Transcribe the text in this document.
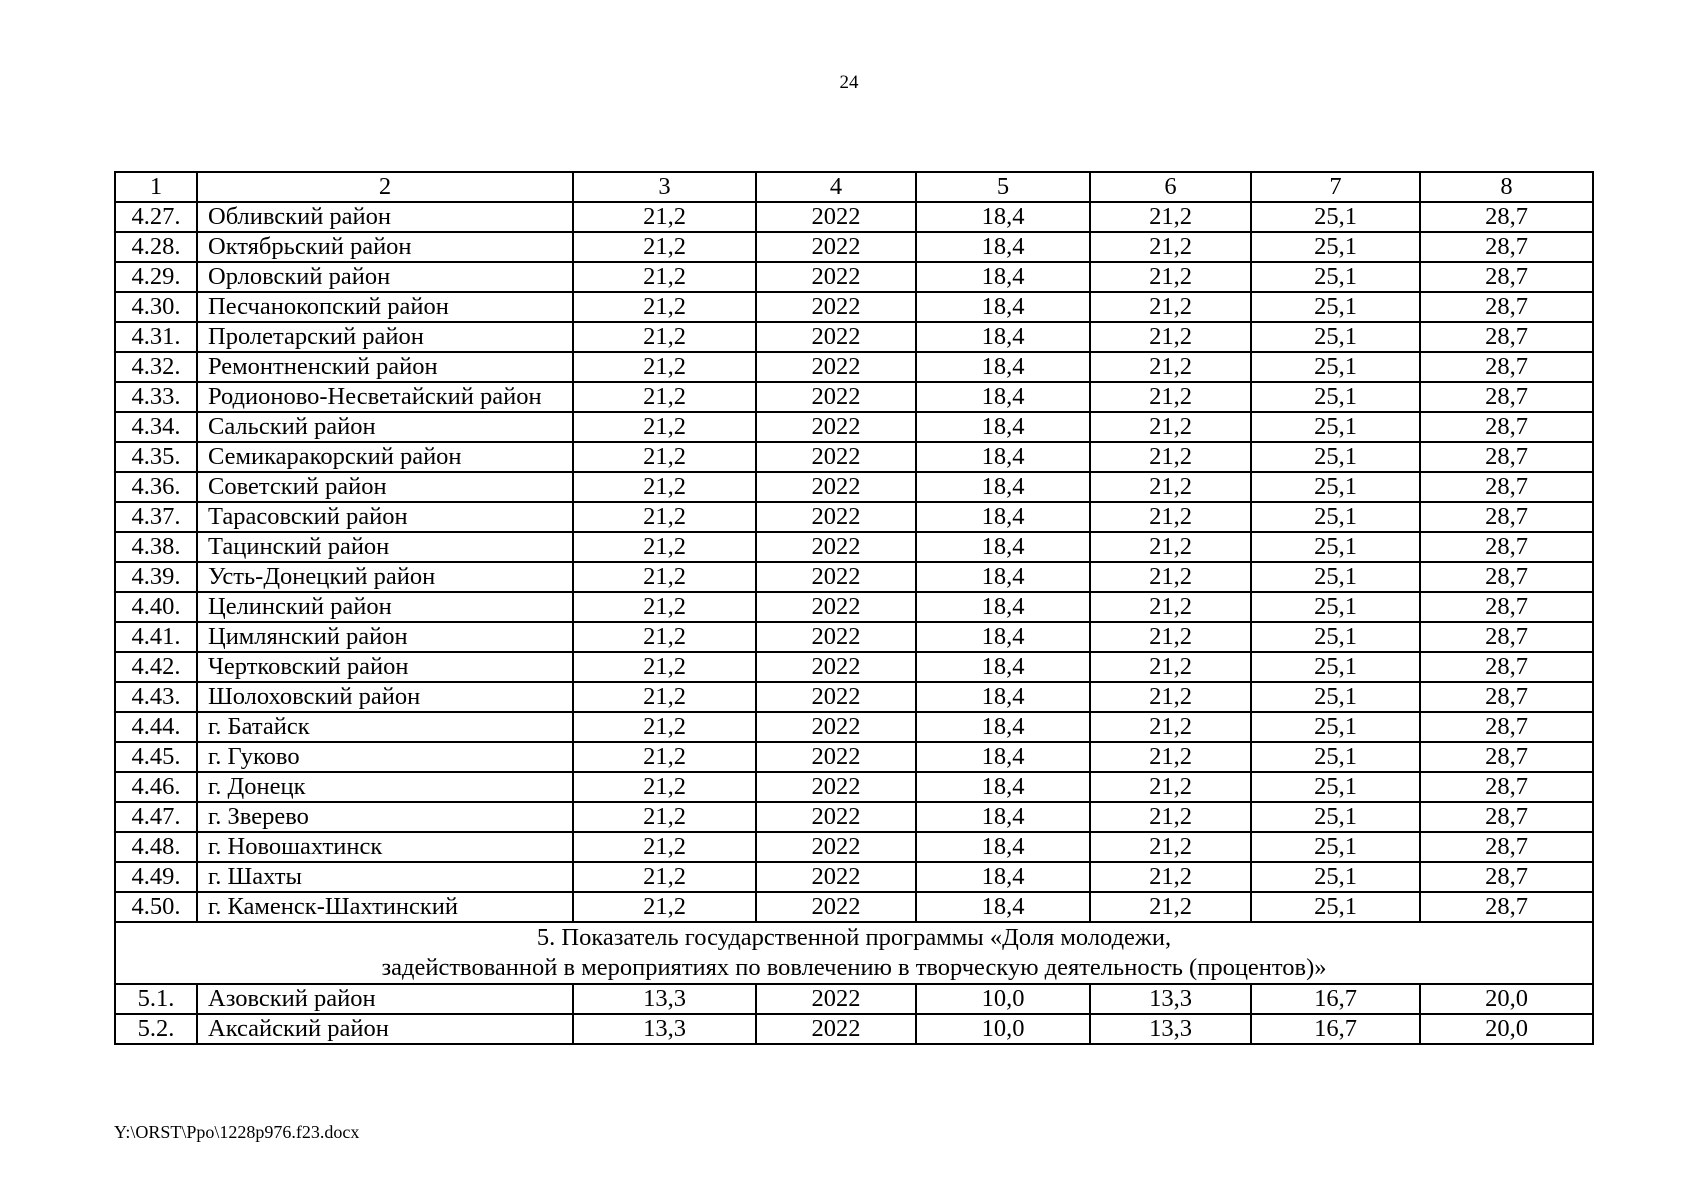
24
1	2	3	4	5	6	7	8
4.27.	Обливский район	21,2	2022	18,4	21,2	25,1	28,7
4.28.	Октябрьский район	21,2	2022	18,4	21,2	25,1	28,7
4.29.	Орловский район	21,2	2022	18,4	21,2	25,1	28,7
4.30.	Песчанокопский район	21,2	2022	18,4	21,2	25,1	28,7
4.31.	Пролетарский район	21,2	2022	18,4	21,2	25,1	28,7
4.32.	Ремонтненский район	21,2	2022	18,4	21,2	25,1	28,7
4.33.	Родионово-Несветайский район	21,2	2022	18,4	21,2	25,1	28,7
4.34.	Сальский район	21,2	2022	18,4	21,2	25,1	28,7
4.35.	Семикаракорский район	21,2	2022	18,4	21,2	25,1	28,7
4.36.	Советский район	21,2	2022	18,4	21,2	25,1	28,7
4.37.	Тарасовский район	21,2	2022	18,4	21,2	25,1	28,7
4.38.	Тацинский район	21,2	2022	18,4	21,2	25,1	28,7
4.39.	Усть-Донецкий район	21,2	2022	18,4	21,2	25,1	28,7
4.40.	Целинский район	21,2	2022	18,4	21,2	25,1	28,7
4.41.	Цимлянский район	21,2	2022	18,4	21,2	25,1	28,7
4.42.	Чертковский район	21,2	2022	18,4	21,2	25,1	28,7
4.43.	Шолоховский район	21,2	2022	18,4	21,2	25,1	28,7
4.44.	г. Батайск	21,2	2022	18,4	21,2	25,1	28,7
4.45.	г. Гуково	21,2	2022	18,4	21,2	25,1	28,7
4.46.	г. Донецк	21,2	2022	18,4	21,2	25,1	28,7
4.47.	г. Зверево	21,2	2022	18,4	21,2	25,1	28,7
4.48.	г. Новошахтинск	21,2	2022	18,4	21,2	25,1	28,7
4.49.	г. Шахты	21,2	2022	18,4	21,2	25,1	28,7
4.50.	г. Каменск-Шахтинский	21,2	2022	18,4	21,2	25,1	28,7

5. Показатель государственной программы «Доля молодежи,
задействованной в мероприятиях по вовлечению в творческую деятельность (процентов)»							

5.1.	Азовский район	13,3	2022	10,0	13,3	16,7	20,0
5.2.	Аксайский район	13,3	2022	10,0	13,3	16,7	20,0
Y:\ORST\Ppo\1228p976.f23.docx
